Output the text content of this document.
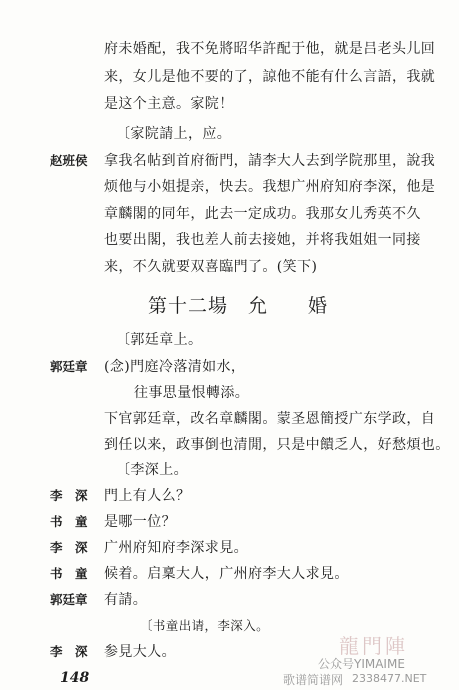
府未婚配，我不免將昭华許配于他，就是吕老头儿回
来，女儿是他不要的了，諒他不能有什么言語，我就
是这个主意。家院！
〔家院請上，应。
赵班侯 拿我名帖到首府衙門，請李大人去到学院那里，說我
烦他与小姐提亲，快去。我想广州府知府李深，他是
章麟閣的同年，此去一定成功。我那女儿秀英不久
也要出閣，我也差人前去接她，并将我姐姐一同接
来，不久就要双喜臨門了。(笑下)
第十二場　允　　婚
〔郭廷章上。
郭廷章 (念)門庭冷落清如水，
往事思量恨轉添。
下官郭廷章，改名章麟閣。蒙圣恩簡授广东学政，自
到任以来，政事倒也清閒，只是中饋乏人，好愁煩也。
〔李深上。
李　深 門上有人么？
书　童 是哪一位？
李　深 广州府知府李深求見。
书　童 候着。启稟大人，广州府李大人求見。
郭廷章 有請。
〔书童出请，李深入。
李　深 参見大人。
148
龍門陣
公众号YIMAIME
歌谱简谱网 2338477.NET
